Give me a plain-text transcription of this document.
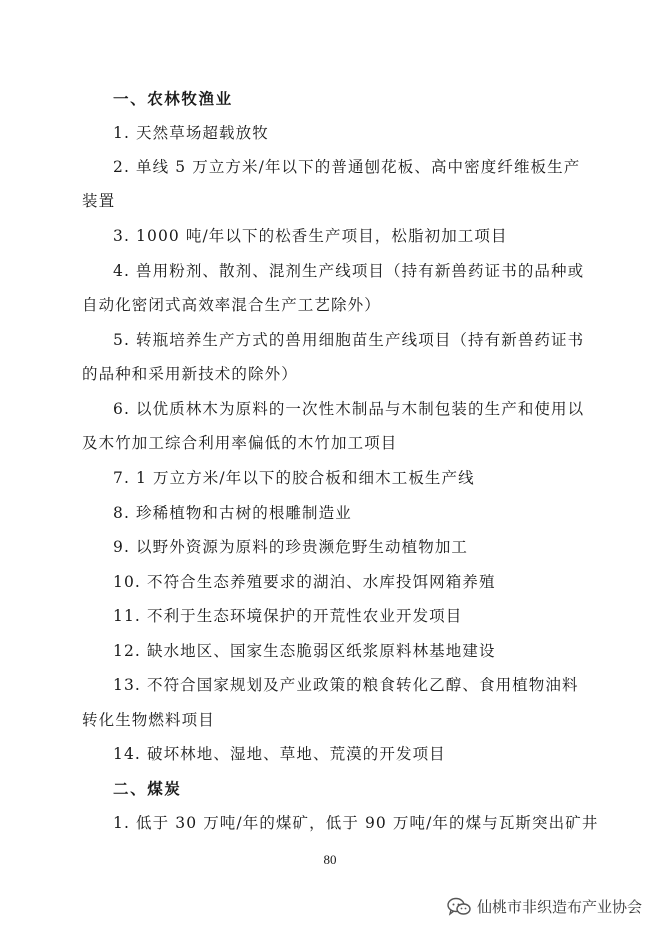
一、农林牧渔业
1. 天然草场超载放牧
2. 单线 5 万立方米/年以下的普通刨花板、高中密度纤维板生产
装置
3. 1000 吨/年以下的松香生产项目，松脂初加工项目
4. 兽用粉剂、散剂、混剂生产线项目（持有新兽药证书的品种或
自动化密闭式高效率混合生产工艺除外）
5. 转瓶培养生产方式的兽用细胞苗生产线项目（持有新兽药证书
的品种和采用新技术的除外）
6. 以优质林木为原料的一次性木制品与木制包装的生产和使用以
及木竹加工综合利用率偏低的木竹加工项目
7. 1 万立方米/年以下的胶合板和细木工板生产线
8. 珍稀植物和古树的根雕制造业
9. 以野外资源为原料的珍贵濒危野生动植物加工
10. 不符合生态养殖要求的湖泊、水库投饵网箱养殖
11. 不利于生态环境保护的开荒性农业开发项目
12. 缺水地区、国家生态脆弱区纸浆原料林基地建设
13. 不符合国家规划及产业政策的粮食转化乙醇、食用植物油料
转化生物燃料项目
14. 破坏林地、湿地、草地、荒漠的开发项目
二、煤炭
1. 低于 30 万吨/年的煤矿，低于 90 万吨/年的煤与瓦斯突出矿井
80
仙桃市非织造布产业协会
